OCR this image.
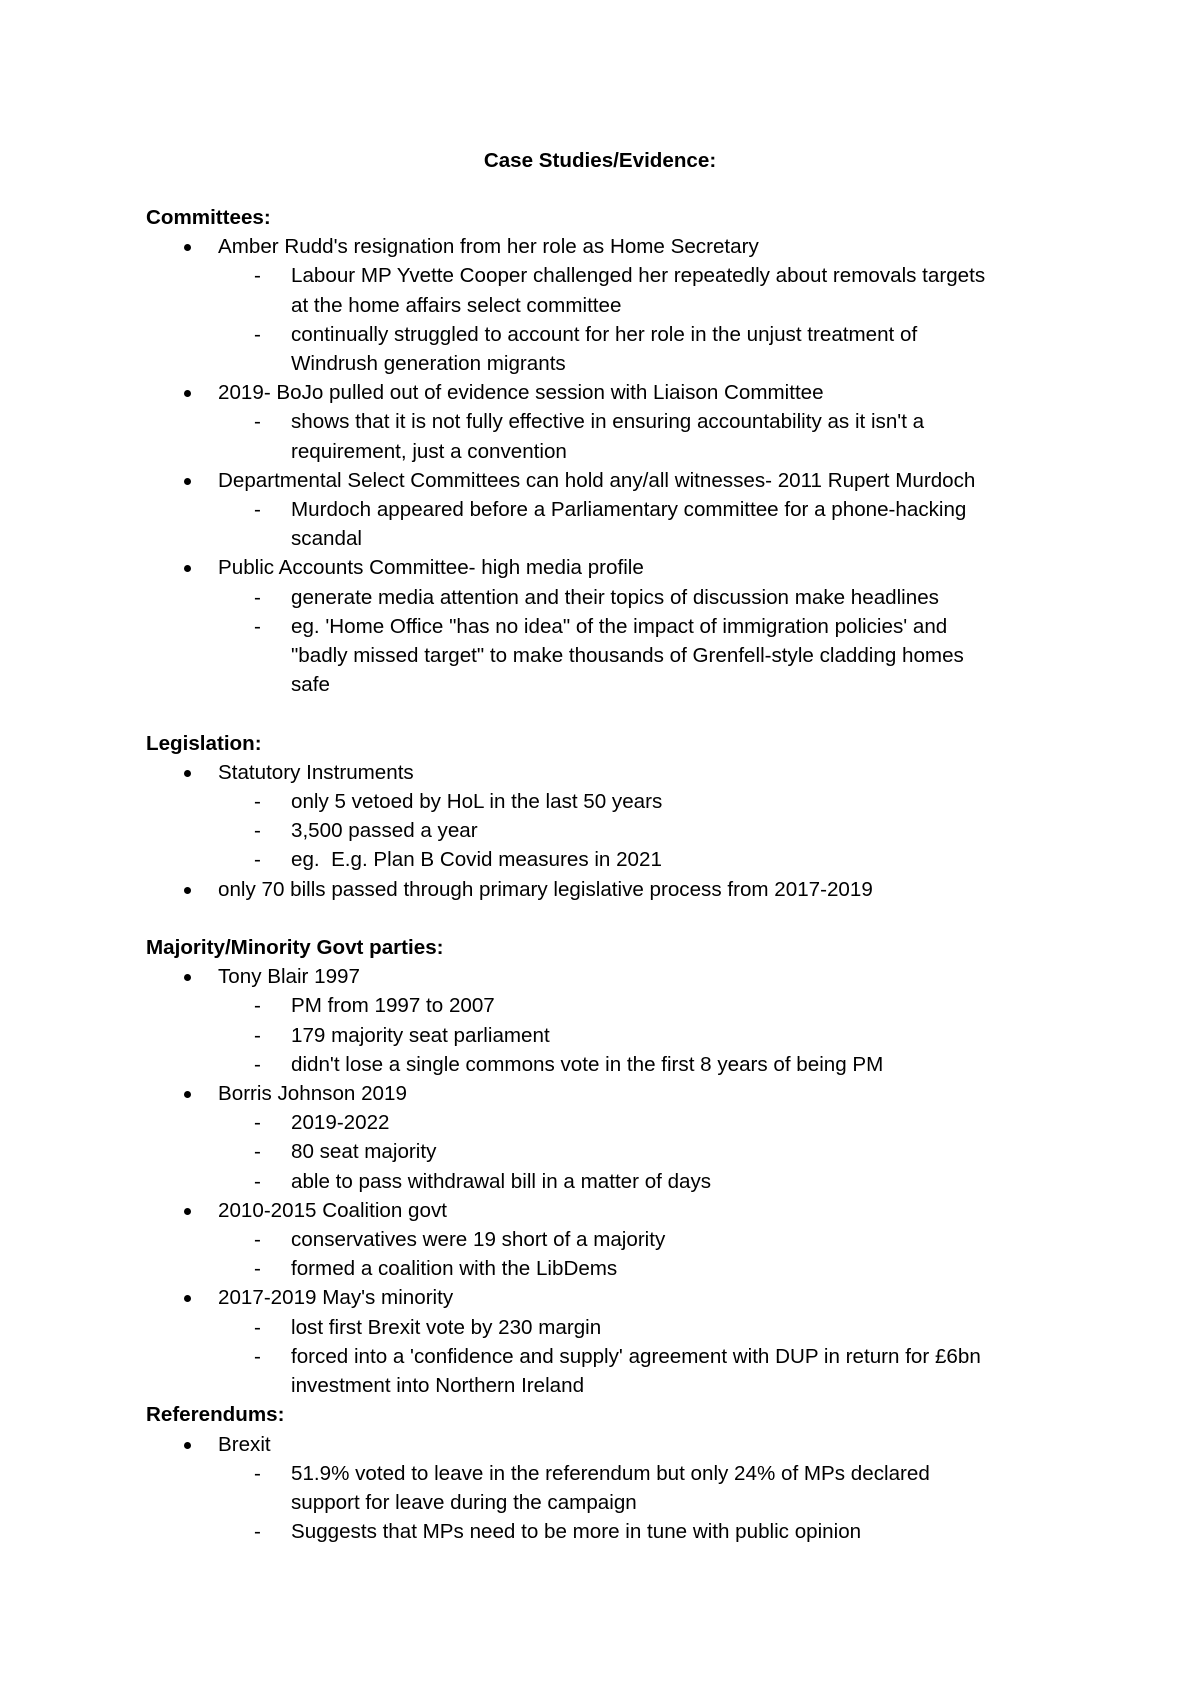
Case Studies/Evidence:
Committees:
Amber Rudd's resignation from her role as Home Secretary
- Labour MP Yvette Cooper challenged her repeatedly about removals targets
at the home affairs select committee
- continually struggled to account for her role in the unjust treatment of
Windrush generation migrants
2019- BoJo pulled out of evidence session with Liaison Committee
- shows that it is not fully effective in ensuring accountability as it isn't a
requirement, just a convention
Departmental Select Committees can hold any/all witnesses- 2011 Rupert Murdoch
- Murdoch appeared before a Parliamentary committee for a phone-hacking
scandal
Public Accounts Committee- high media profile
- generate media attention and their topics of discussion make headlines
- eg. 'Home Office "has no idea" of the impact of immigration policies' and
"badly missed target" to make thousands of Grenfell-style cladding homes
safe
Legislation:
Statutory Instruments
- only 5 vetoed by HoL in the last 50 years
- 3,500 passed a year
- eg.  E.g. Plan B Covid measures in 2021
only 70 bills passed through primary legislative process from 2017-2019
Majority/Minority Govt parties:
Tony Blair 1997
- PM from 1997 to 2007
- 179 majority seat parliament
- didn't lose a single commons vote in the first 8 years of being PM
Borris Johnson 2019
- 2019-2022
- 80 seat majority
- able to pass withdrawal bill in a matter of days
2010-2015 Coalition govt
- conservatives were 19 short of a majority
- formed a coalition with the LibDems
2017-2019 May's minority
- lost first Brexit vote by 230 margin
- forced into a 'confidence and supply' agreement with DUP in return for £6bn
investment into Northern Ireland
Referendums:
Brexit
- 51.9% voted to leave in the referendum but only 24% of MPs declared
support for leave during the campaign
- Suggests that MPs need to be more in tune with public opinion
